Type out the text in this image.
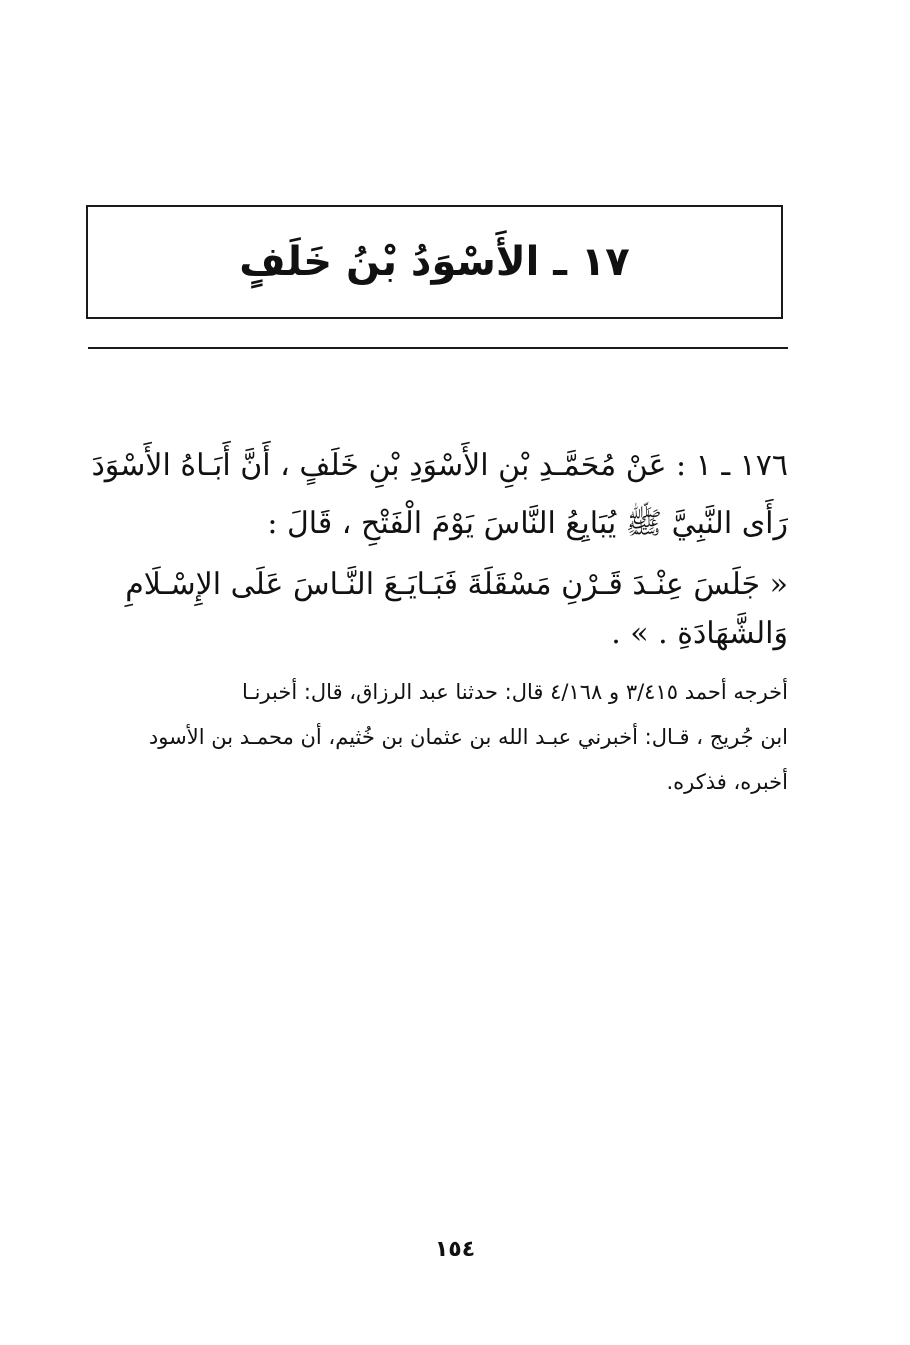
١٧ ـ الأَسْوَدُ بْنُ خَلَفٍ
١٧٦ ـ ١ : عَنْ مُحَمَّـدِ بْنِ الأَسْوَدِ بْنِ خَلَفٍ ، أَنَّ أَبَـاهُ الأَسْوَدَ
رَأَى النَّبِيَّ ﷺ يُبَايِعُ النَّاسَ يَوْمَ الْفَتْحِ ، قَالَ :
« جَلَسَ عِنْـدَ قَـرْنِ مَسْقَلَةَ فَبَـايَـعَ النَّـاسَ عَلَى الإِسْـلَامِ
وَالشَّهَادَةِ . » .
أخرجه أحمد ٣/٤١٥ و ٤/١٦٨ قال: حدثنا عبد الرزاق، قال: أخبرنـا
ابن جُريج ، قـال: أخبرني عبـد الله بن عثمان بن خُثيم، أن محمـد بن الأسود
أخبره، فذكره.
١٥٤
